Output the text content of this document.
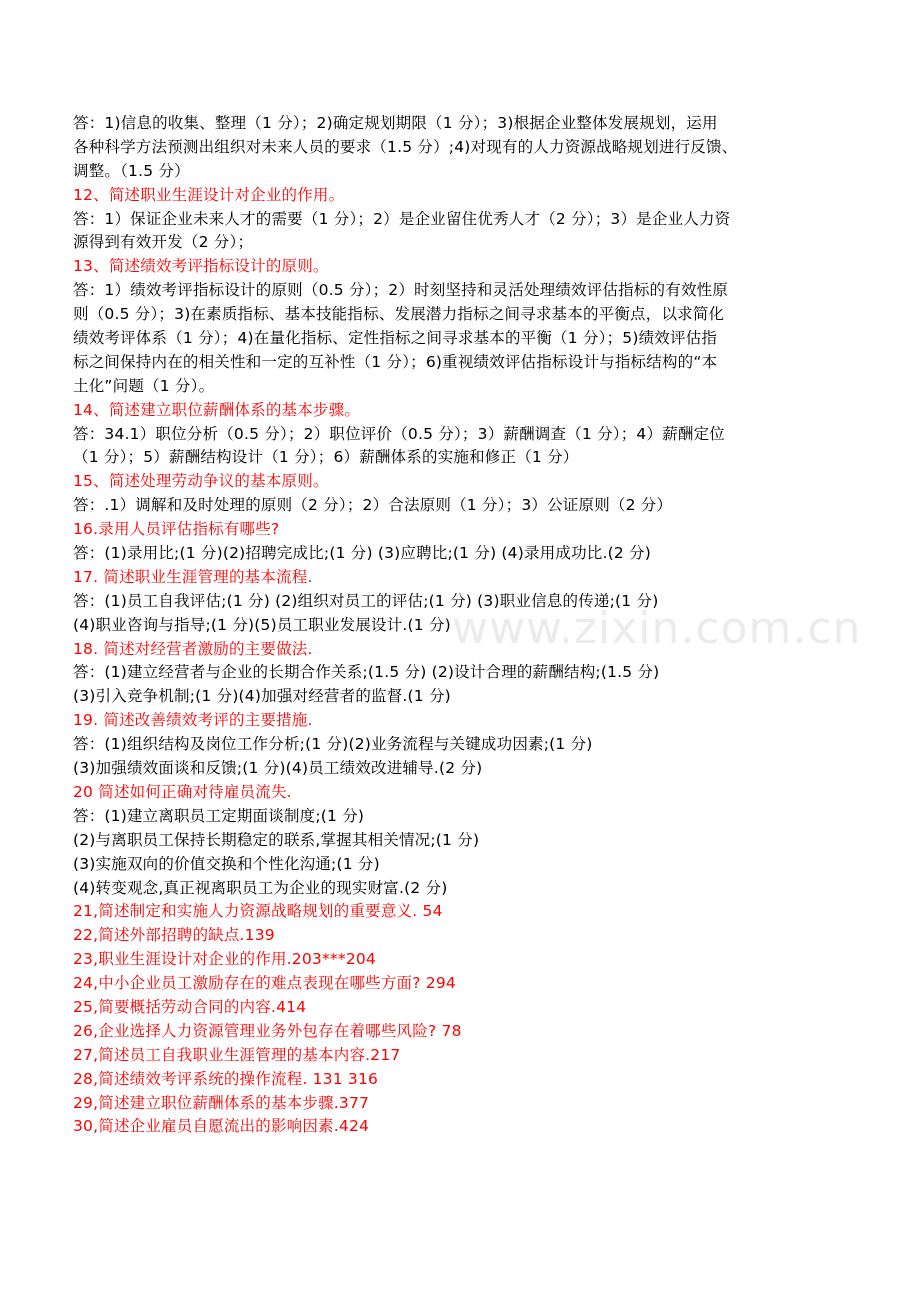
答：1)信息的收集、整理（1 分）；2)确定规划期限（1 分）；3)根据企业整体发展规划，运用
各种科学方法预测出组织对未来人员的要求（1.5 分）;4)对现有的人力资源战略规划进行反馈、
调整。（1.5 分）
12、简述职业生涯设计对企业的作用。
答：1）保证企业未来人才的需要（1 分）；2）是企业留住优秀人才（2 分）；3）是企业人力资
源得到有效开发（2 分）；
13、简述绩效考评指标设计的原则。
答：1）绩效考评指标设计的原则（0.5 分）；2）时刻坚持和灵活处理绩效评估指标的有效性原
则（0.5 分）；3)在素质指标、基本技能指标、发展潜力指标之间寻求基本的平衡点，以求简化
绩效考评体系（1 分）；4)在量化指标、定性指标之间寻求基本的平衡（1 分）；5)绩效评估指
标之间保持内在的相关性和一定的互补性（1 分）；6)重视绩效评估指标设计与指标结构的“本
土化”问题（1 分）。
14、简述建立职位薪酬体系的基本步骤。
答：34.1）职位分析（0.5 分）；2）职位评价（0.5 分）；3）薪酬调查（1 分）；4）薪酬定位
（1 分）；5）薪酬结构设计（1 分）；6）薪酬体系的实施和修正（1 分）
15、简述处理劳动争议的基本原则。
答：.1）调解和及时处理的原则（2 分）；2）合法原则（1 分）；3）公证原则（2 分）
16.录用人员评估指标有哪些?
答：(1)录用比;(1 分)(2)招聘完成比;(1 分) (3)应聘比;(1 分) (4)录用成功比.(2 分)
17. 简述职业生涯管理的基本流程.
答：(1)员工自我评估;(1 分) (2)组织对员工的评估;(1 分) (3)职业信息的传递;(1 分)
(4)职业咨询与指导;(1 分)(5)员工职业发展设计.(1 分)
18. 简述对经营者激励的主要做法.
答：(1)建立经营者与企业的长期合作关系;(1.5 分) (2)设计合理的薪酬结构;(1.5 分)
(3)引入竞争机制;(1 分)(4)加强对经营者的监督.(1 分)
19. 简述改善绩效考评的主要措施.
答：(1)组织结构及岗位工作分析;(1 分)(2)业务流程与关键成功因素;(1 分)
(3)加强绩效面谈和反馈;(1 分)(4)员工绩效改进辅导.(2 分)
20 简述如何正确对待雇员流失.
答：(1)建立离职员工定期面谈制度;(1 分)
(2)与离职员工保持长期稳定的联系,掌握其相关情况;(1 分)
(3)实施双向的价值交换和个性化沟通;(1 分)
(4)转变观念,真正视离职员工为企业的现实财富.(2 分)
21,简述制定和实施人力资源战略规划的重要意义. 54
22,简述外部招聘的缺点.139
23,职业生涯设计对企业的作用.203***204
24,中小企业员工激励存在的难点表现在哪些方面? 294
25,简要概括劳动合同的内容.414
26,企业选择人力资源管理业务外包存在着哪些风险? 78
27,简述员工自我职业生涯管理的基本内容.217
28,简述绩效考评系统的操作流程. 131 316
29,简述建立职位薪酬体系的基本步骤.377
30,简述企业雇员自愿流出的影响因素.424
www.zixin.com.cn
